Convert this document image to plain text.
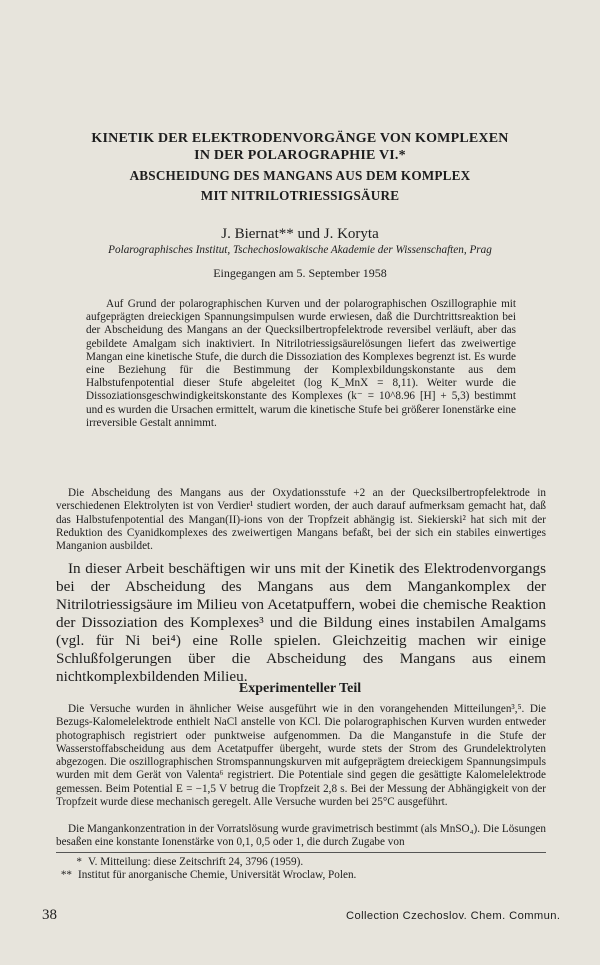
KINETIK DER ELEKTRODENVORGÄNGE VON KOMPLEXEN
IN DER POLAROGRAPHIE VI.*
ABSCHEIDUNG DES MANGANS AUS DEM KOMPLEX
MIT NITRILOTRIESSIGSÄURE
J. Biernat** und J. Koryta
Polarographisches Institut, Tschechoslowakische Akademie der Wissenschaften, Prag
Eingegangen am 5. September 1958

Auf Grund der polarographischen Kurven und der polarographischen Oszillographie mit aufgeprägten dreieckigen Spannungsimpulsen wurde erwiesen, daß die Durchtrittsreaktion bei der Abscheidung des Mangans an der Quecksilbertropfelektrode reversibel verläuft, aber das gebildete Amalgam sich inaktiviert. In Nitrilotriessigsäurelösungen liefert das zweiwertige Mangan eine kinetische Stufe, die durch die Dissoziation des Komplexes begrenzt ist. Es wurde eine Beziehung für die Bestimmung der Komplexbildungskonstante aus dem Halbstufenpotential dieser Stufe abgeleitet (log K_MnX = 8,11). Weiter wurde die Dissoziationsgeschwindigkeitskonstante des Komplexes (k⁻ = 10^8.96 [H] + 5,3) bestimmt und es wurden die Ursachen ermittelt, warum die kinetische Stufe bei größerer Ionenstärke eine irreversible Gestalt annimmt.

Die Abscheidung des Mangans aus der Oxydationsstufe +2 an der Quecksilbertropfelektrode in verschiedenen Elektrolyten ist von Verdier¹ studiert worden, der auch darauf aufmerksam gemacht hat, daß das Halbstufenpotential des Mangan(II)-ions von der Tropfzeit abhängig ist. Siekierski² hat sich mit der Reduktion des Cyanidkomplexes des zweiwertigen Mangans befaßt, bei der sich ein stabiles einwertiges Manganion ausbildet.

In dieser Arbeit beschäftigen wir uns mit der Kinetik des Elektrodenvorgangs bei der Abscheidung des Mangans aus dem Mangankomplex der Nitrilotriessigsäure im Milieu von Acetatpuffern, wobei die chemische Reaktion der Dissoziation des Komplexes³ und die Bildung eines instabilen Amalgams (vgl. für Ni bei⁴) eine Rolle spielen. Gleichzeitig machen wir einige Schlußfolgerungen über die Abscheidung des Mangans aus einem nichtkomplexbildenden Milieu.

Experimenteller Teil

Die Versuche wurden in ähnlicher Weise ausgeführt wie in den vorangehenden Mitteilungen³,⁵. Die Bezugs-Kalomelelektrode enthielt NaCl anstelle von KCl. Die polarographischen Kurven wurden entweder photographisch registriert oder punktweise aufgenommen. Da die Manganstufe in die Stufe der Wasserstoffabscheidung aus dem Acetatpuffer übergeht, wurde stets der Strom des Grundelektrolyten abgezogen. Die oszillographischen Stromspannungskurven mit aufgeprägtem dreieckigem Spannungsimpuls wurden mit dem Gerät von Valenta⁶ registriert. Die Potentiale sind gegen die gesättigte Kalomelelektrode gemessen. Beim Potential E = −1,5 V betrug die Tropfzeit 2,8 s. Bei der Messung der Abhängigkeit von der Tropfzeit wurde diese mechanisch geregelt. Alle Versuche wurden bei 25°C ausgeführt.

Die Mangankonzentration in der Vorratslösung wurde gravimetrisch bestimmt (als MnSO₄). Die Lösungen besaßen eine konstante Ionenstärke von 0,1, 0,5 oder 1, die durch Zugabe von

* V. Mitteilung: diese Zeitschrift 24, 3796 (1959).
** Institut für anorganische Chemie, Universität Wroclaw, Polen.
38	Collection Czechoslov. Chem. Commun.
